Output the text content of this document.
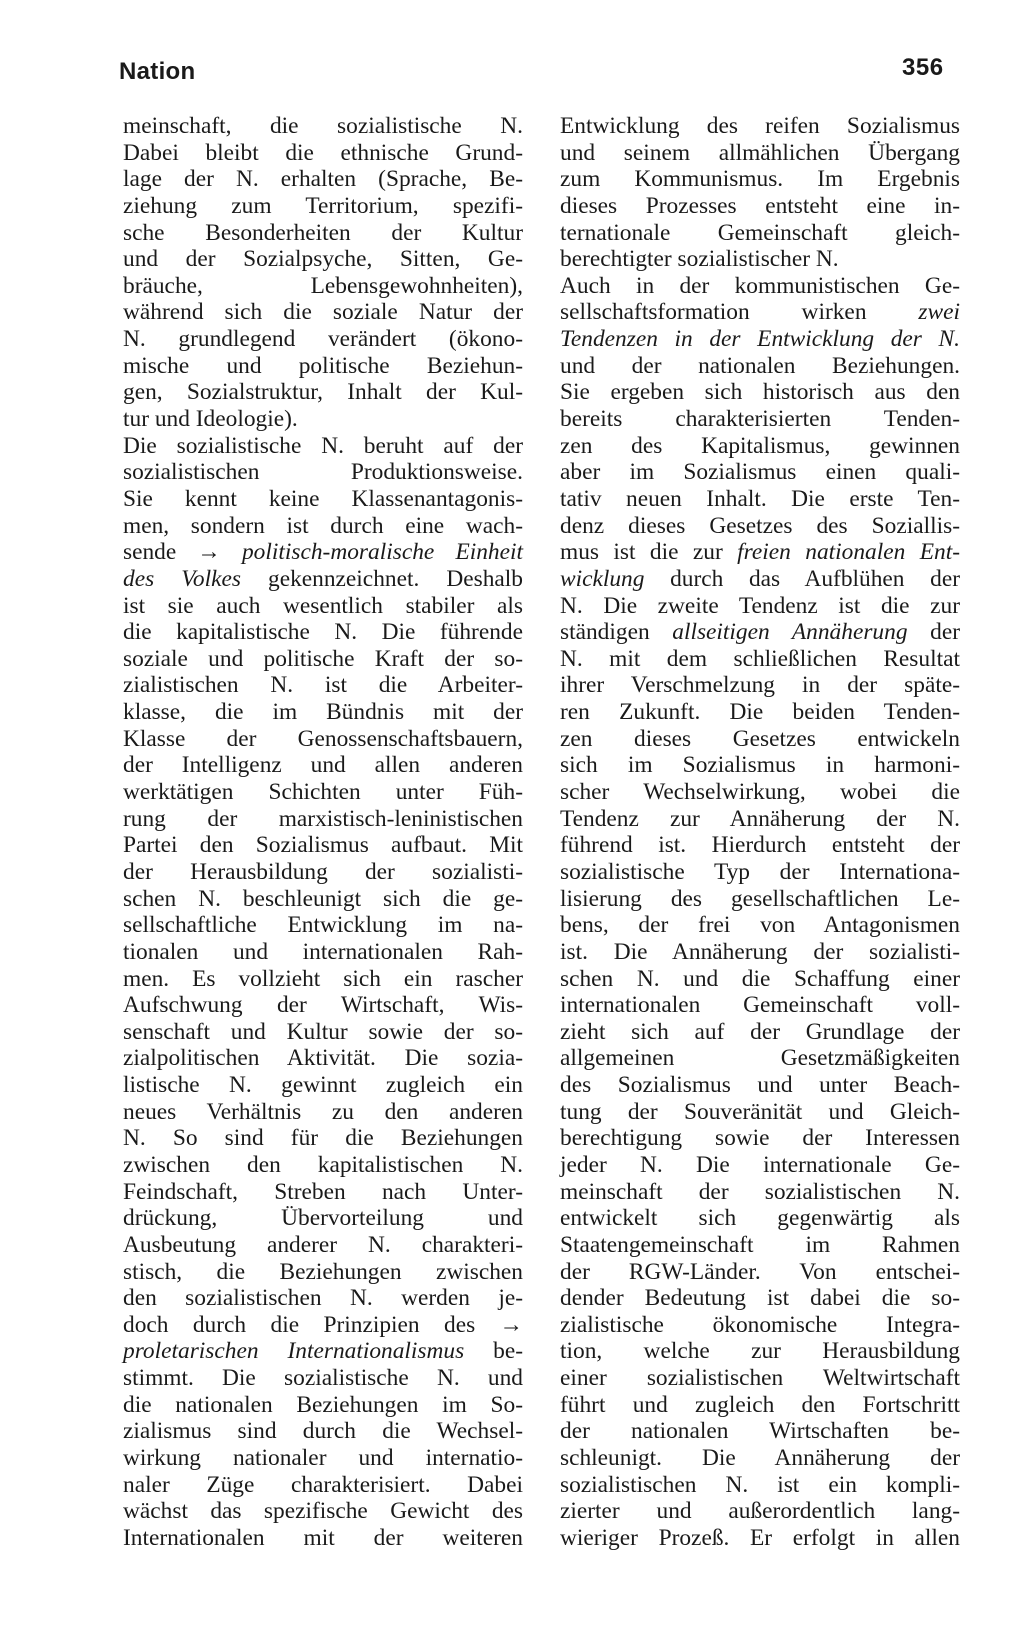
Nation	356
meinschaft, die sozialistische N.
Dabei bleibt die ethnische Grund-
lage der N. erhalten (Sprache, Be-
ziehung zum Territorium, spezifi-
sche Besonderheiten der Kultur
und der Sozialpsyche, Sitten, Ge-
bräuche, Lebensgewohnheiten),
während sich die soziale Natur der
N. grundlegend verändert (ökono-
mische und politische Beziehun-
gen, Sozialstruktur, Inhalt der Kul-
tur und Ideologie).
Die sozialistische N. beruht auf der
sozialistischen Produktionsweise.
Sie kennt keine Klassenantagonis-
men, sondern ist durch eine wach-
sende → politisch-moralische Einheit
des Volkes gekennzeichnet. Deshalb
ist sie auch wesentlich stabiler als
die kapitalistische N. Die führende
soziale und politische Kraft der so-
zialistischen N. ist die Arbeiter-
klasse, die im Bündnis mit der
Klasse der Genossenschaftsbauern,
der Intelligenz und allen anderen
werktätigen Schichten unter Füh-
rung der marxistisch-leninistischen
Partei den Sozialismus aufbaut. Mit
der Herausbildung der sozialisti-
schen N. beschleunigt sich die ge-
sellschaftliche Entwicklung im na-
tionalen und internationalen Rah-
men. Es vollzieht sich ein rascher
Aufschwung der Wirtschaft, Wis-
senschaft und Kultur sowie der so-
zialpolitischen Aktivität. Die sozia-
listische N. gewinnt zugleich ein
neues Verhältnis zu den anderen
N. So sind für die Beziehungen
zwischen den kapitalistischen N.
Feindschaft, Streben nach Unter-
drückung, Übervorteilung und
Ausbeutung anderer N. charakteri-
stisch, die Beziehungen zwischen
den sozialistischen N. werden je-
doch durch die Prinzipien des →
proletarischen Internationalismus be-
stimmt. Die sozialistische N. und
die nationalen Beziehungen im So-
zialismus sind durch die Wechsel-
wirkung nationaler und internatio-
naler Züge charakterisiert. Dabei
wächst das spezifische Gewicht des
Internationalen mit der weiteren
Entwicklung des reifen Sozialismus
und seinem allmählichen Übergang
zum Kommunismus. Im Ergebnis
dieses Prozesses entsteht eine in-
ternationale Gemeinschaft gleich-
berechtigter sozialistischer N.
Auch in der kommunistischen Ge-
sellschaftsformation wirken zwei
Tendenzen in der Entwicklung der N.
und der nationalen Beziehungen.
Sie ergeben sich historisch aus den
bereits charakterisierten Tenden-
zen des Kapitalismus, gewinnen
aber im Sozialismus einen quali-
tativ neuen Inhalt. Die erste Ten-
denz dieses Gesetzes des Soziallis-
mus ist die zur freien nationalen Ent-
wicklung durch das Aufblühen der
N. Die zweite Tendenz ist die zur
ständigen allseitigen Annäherung der
N. mit dem schließlichen Resultat
ihrer Verschmelzung in der späte-
ren Zukunft. Die beiden Tenden-
zen dieses Gesetzes entwickeln
sich im Sozialismus in harmoni-
scher Wechselwirkung, wobei die
Tendenz zur Annäherung der N.
führend ist. Hierdurch entsteht der
sozialistische Typ der Internationa-
lisierung des gesellschaftlichen Le-
bens, der frei von Antagonismen
ist. Die Annäherung der sozialisti-
schen N. und die Schaffung einer
internationalen Gemeinschaft voll-
zieht sich auf der Grundlage der
allgemeinen Gesetzmäßigkeiten
des Sozialismus und unter Beach-
tung der Souveränität und Gleich-
berechtigung sowie der Interessen
jeder N. Die internationale Ge-
meinschaft der sozialistischen N.
entwickelt sich gegenwärtig als
Staatengemeinschaft im Rahmen
der RGW-Länder. Von entschei-
dender Bedeutung ist dabei die so-
zialistische ökonomische Integra-
tion, welche zur Herausbildung
einer sozialistischen Weltwirtschaft
führt und zugleich den Fortschritt
der nationalen Wirtschaften be-
schleunigt. Die Annäherung der
sozialistischen N. ist ein kompli-
zierter und außerordentlich lang-
wieriger Prozeß. Er erfolgt in allen
